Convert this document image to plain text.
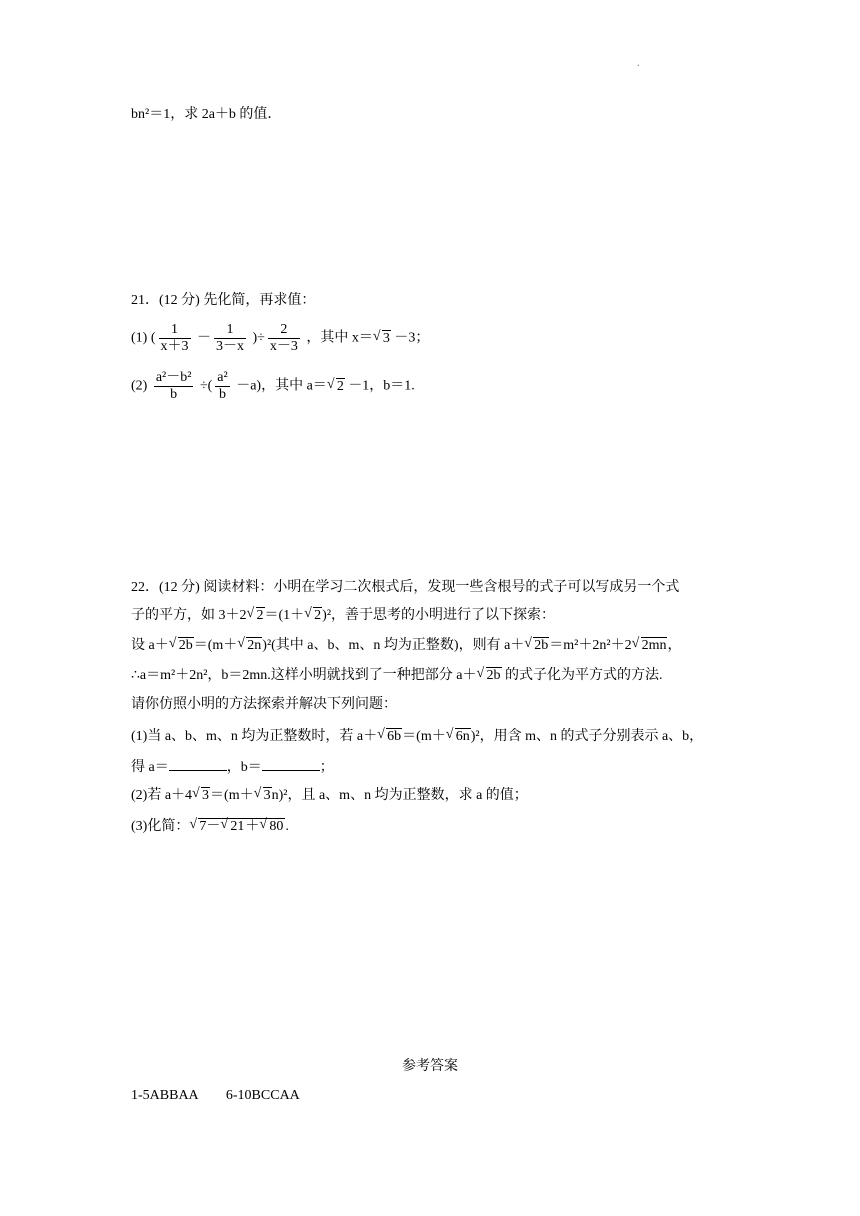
.
bn²＝1，求 2a＋b 的值．
21．(12 分) 先化简，再求值：
(1) ( $\frac{1}{x+3} - \frac{1}{3-x}$ )÷ $\frac{2}{x-3}$ ，其中 x＝ √ 3 －3；
$(2) \frac{\text{a²－b²}}{b}$ ÷( $\frac{\text{a²}}{b} -a$)，其中 a＝ √ 2 －1，b＝1.
22．(12 分) 阅读材料：小明在学习二次根式后，发现一些含根号的式子可以写成另一个式
子的平方，如 3＋2 √ 2＝(1＋ √ 2)²，善于思考的小明进行了以下探索：
设 a＋ √ 2b＝(m＋ √ 2n)²(其中 a、b、m、n 均为正整数)，则有 a＋ √ 2b＝m²＋2n²＋2 √ 2mn，
∴a＝m²＋2n²，b＝2mn.这样小明就找到了一种把部分 a＋ √ 2b 的式子化为平方式的方法.
请你仿照小明的方法探索并解决下列问题：
(1)当 a、b、m、n 均为正整数时，若 a＋ √ 6b＝(m＋ √ 6n)²，用含 m、n 的式子分别表示 a、b，
得 a＝	，b＝	；
(2)若 a＋4 √ 3＝(m＋ √ 3n)²，且 a、m、n 均为正整数，求 a 的值；
(3)化简： √ 7－ √ 21＋ √ 80 .
参考答案
1-5ABBAA　　6-10BCCAA
